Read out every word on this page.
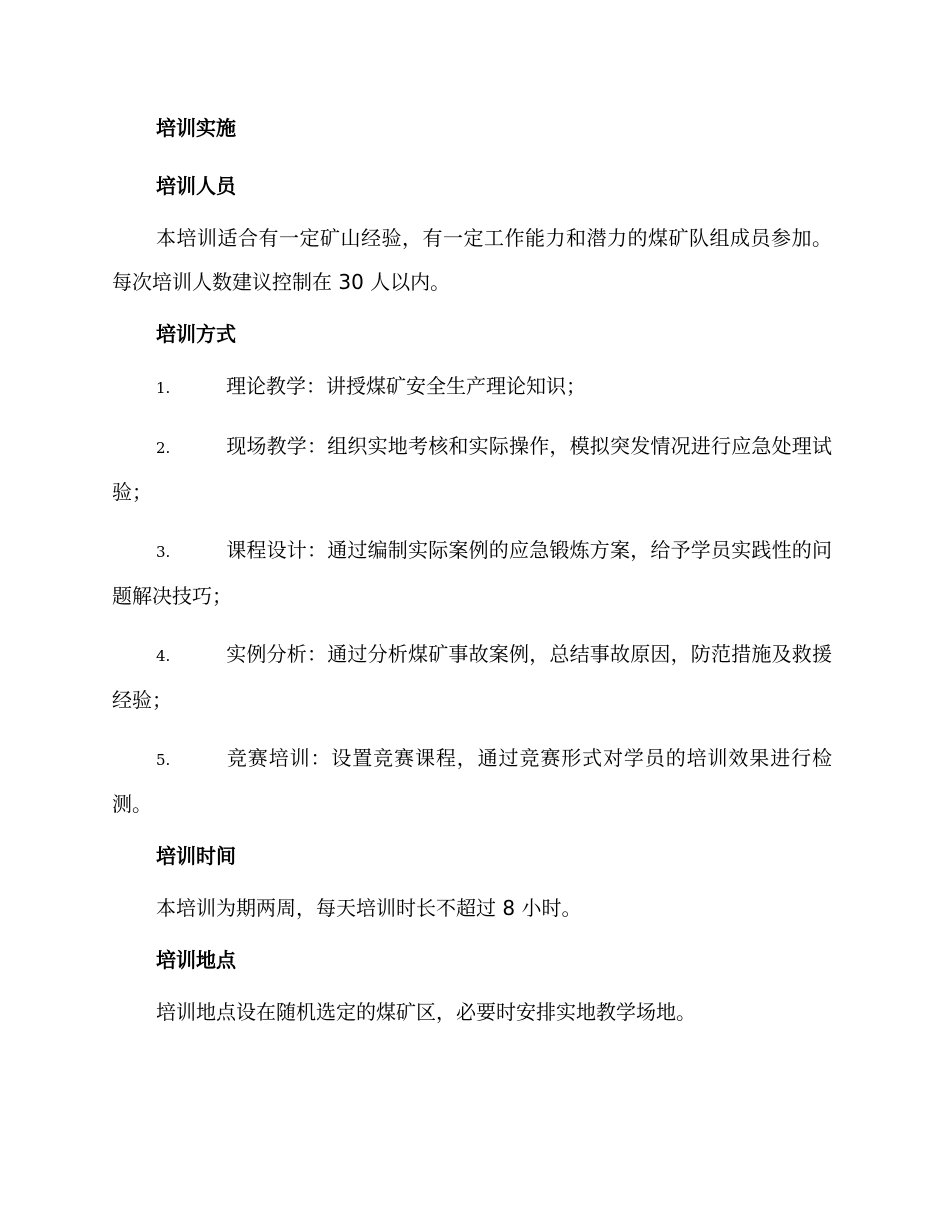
培训实施
培训人员

本培训适合有一定矿山经验，有一定工作能力和潜力的煤矿队组成员参加。每次培训人数建议控制在 30 人以内。

培训方式

1.	理论教学：讲授煤矿安全生产理论知识；

2.	现场教学：组织实地考核和实际操作，模拟突发情况进行应急处理试验；

3.	课程设计：通过编制实际案例的应急锻炼方案，给予学员实践性的问题解决技巧；

4.	实例分析：通过分析煤矿事故案例，总结事故原因，防范措施及救援经验；

5.	竞赛培训：设置竞赛课程，通过竞赛形式对学员的培训效果进行检测。

培训时间

本培训为期两周，每天培训时长不超过 8 小时。

培训地点

培训地点设在随机选定的煤矿区，必要时安排实地教学场地。
